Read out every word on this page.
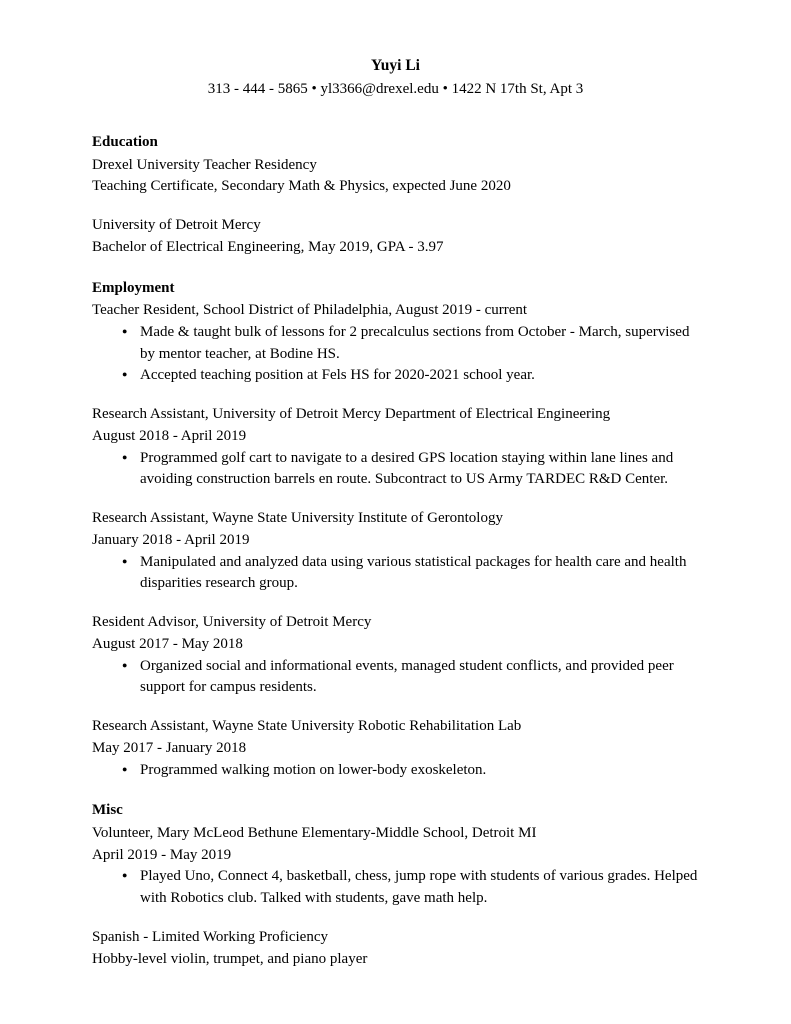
Yuyi Li
313 - 444 - 5865 • yl3366@drexel.edu • 1422 N 17th St, Apt 3
Education
Drexel University Teacher Residency
Teaching Certificate, Secondary Math & Physics, expected June 2020
University of Detroit Mercy
Bachelor of Electrical Engineering, May 2019, GPA - 3.97
Employment
Teacher Resident, School District of Philadelphia, August 2019 - current
● Made & taught bulk of lessons for 2 precalculus sections from October - March, supervised by mentor teacher, at Bodine HS.
● Accepted teaching position at Fels HS for 2020-2021 school year.
Research Assistant, University of Detroit Mercy Department of Electrical Engineering
August 2018 - April 2019
● Programmed golf cart to navigate to a desired GPS location staying within lane lines and avoiding construction barrels en route. Subcontract to US Army TARDEC R&D Center.
Research Assistant, Wayne State University Institute of Gerontology
January 2018 - April 2019
● Manipulated and analyzed data using various statistical packages for health care and health disparities research group.
Resident Advisor, University of Detroit Mercy
August 2017 - May 2018
● Organized social and informational events, managed student conflicts, and provided peer support for campus residents.
Research Assistant, Wayne State University Robotic Rehabilitation Lab
May 2017 - January 2018
● Programmed walking motion on lower-body exoskeleton.
Misc
Volunteer, Mary McLeod Bethune Elementary-Middle School, Detroit MI
April 2019 - May 2019
● Played Uno, Connect 4, basketball, chess, jump rope with students of various grades. Helped with Robotics club. Talked with students, gave math help.
Spanish - Limited Working Proficiency
Hobby-level violin, trumpet, and piano player
